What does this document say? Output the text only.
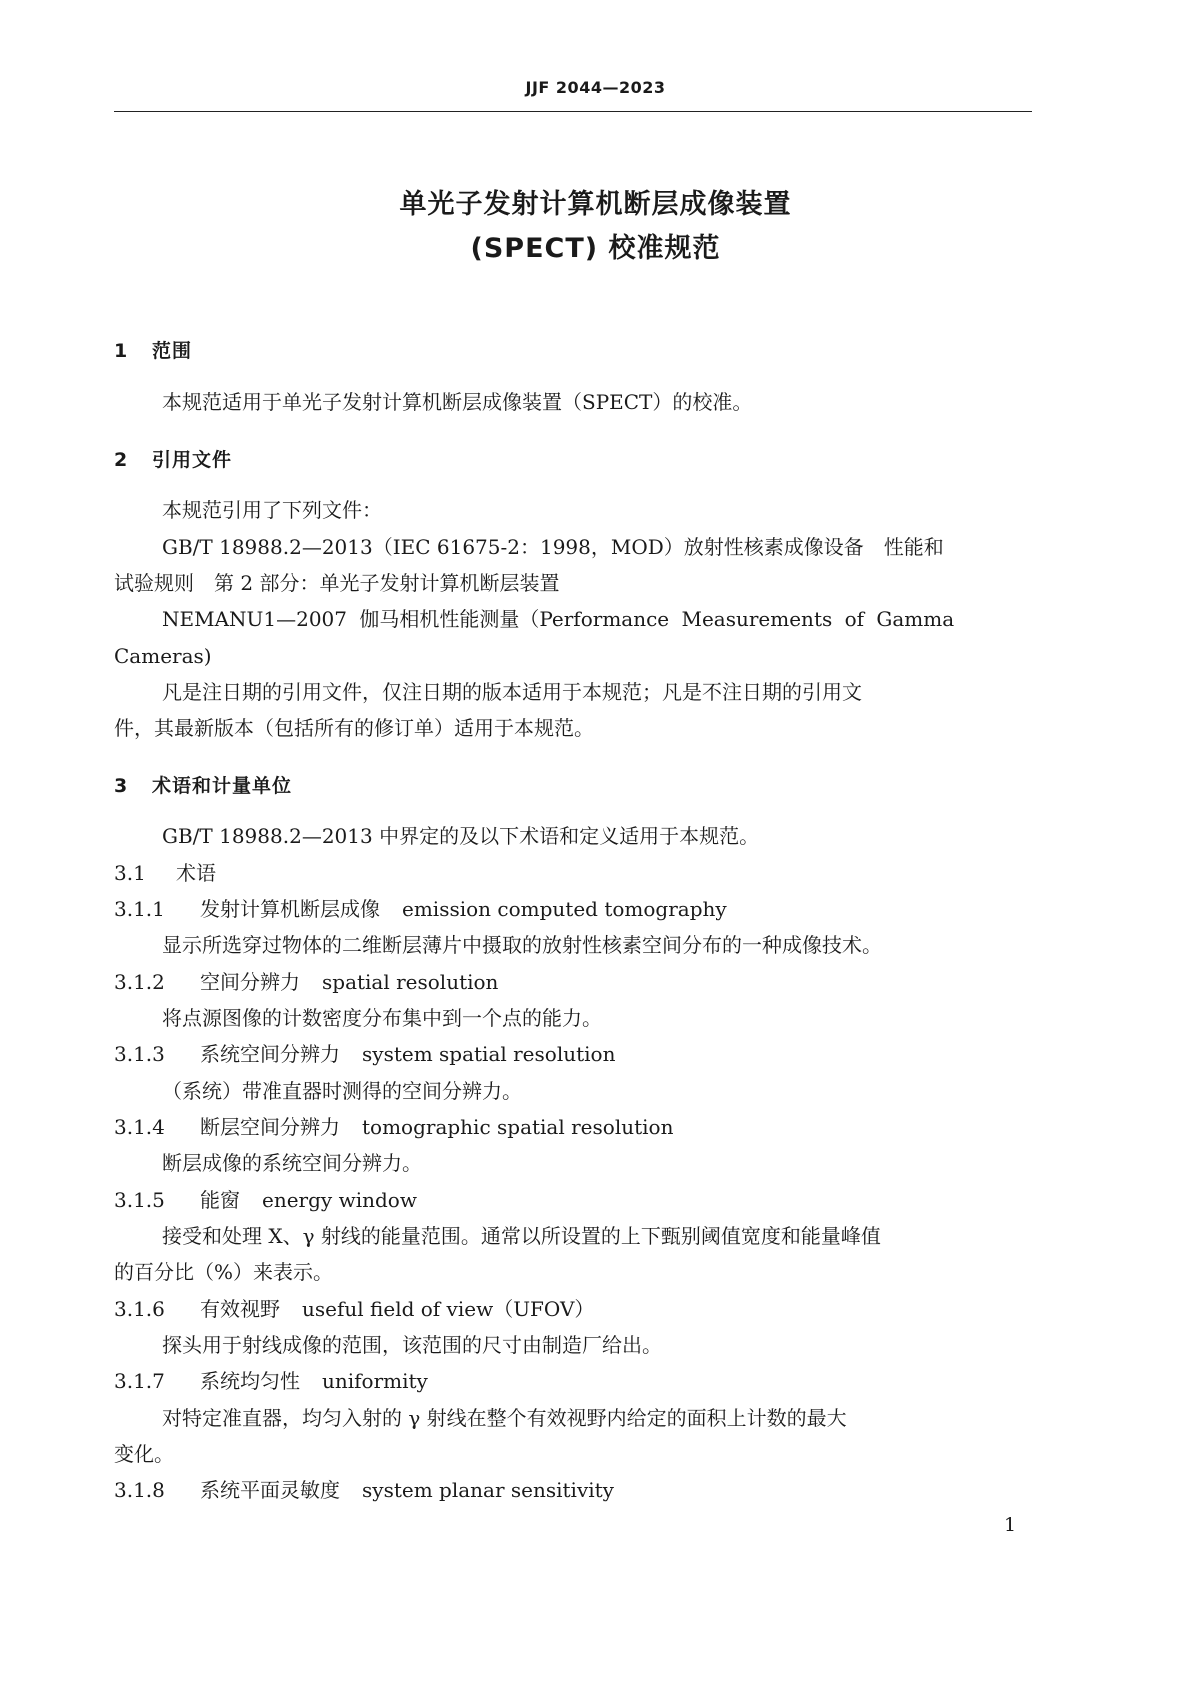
JJF 2044—2023
单光子发射计算机断层成像装置
(SPECT) 校准规范
1 范围
本规范适用于单光子发射计算机断层成像装置（SPECT）的校准。
2 引用文件
本规范引用了下列文件：
GB/T 18988.2—2013（IEC 61675-2：1998，MOD）放射性核素成像设备　性能和
试验规则　第 2 部分：单光子发射计算机断层装置
NEMANU1—2007 伽马相机性能测量（Performance Measurements of Gamma
Cameras)
凡是注日期的引用文件，仅注日期的版本适用于本规范；凡是不注日期的引用文
件，其最新版本（包括所有的修订单）适用于本规范。
3 术语和计量单位
GB/T 18988.2—2013 中界定的及以下术语和定义适用于本规范。
3.1 术语
3.1.1 发射计算机断层成像 emission computed tomography
显示所选穿过物体的二维断层薄片中摄取的放射性核素空间分布的一种成像技术。
3.1.2 空间分辨力 spatial resolution
将点源图像的计数密度分布集中到一个点的能力。
3.1.3 系统空间分辨力 system spatial resolution
（系统）带准直器时测得的空间分辨力。
3.1.4 断层空间分辨力 tomographic spatial resolution
断层成像的系统空间分辨力。
3.1.5 能窗 energy window
接受和处理 X、γ 射线的能量范围。通常以所设置的上下甄别阈值宽度和能量峰值
的百分比（%）来表示。
3.1.6 有效视野 useful field of view（UFOV）
探头用于射线成像的范围，该范围的尺寸由制造厂给出。
3.1.7 系统均匀性 uniformity
对特定准直器，均匀入射的 γ 射线在整个有效视野内给定的面积上计数的最大
变化。
3.1.8 系统平面灵敏度 system planar sensitivity
1
